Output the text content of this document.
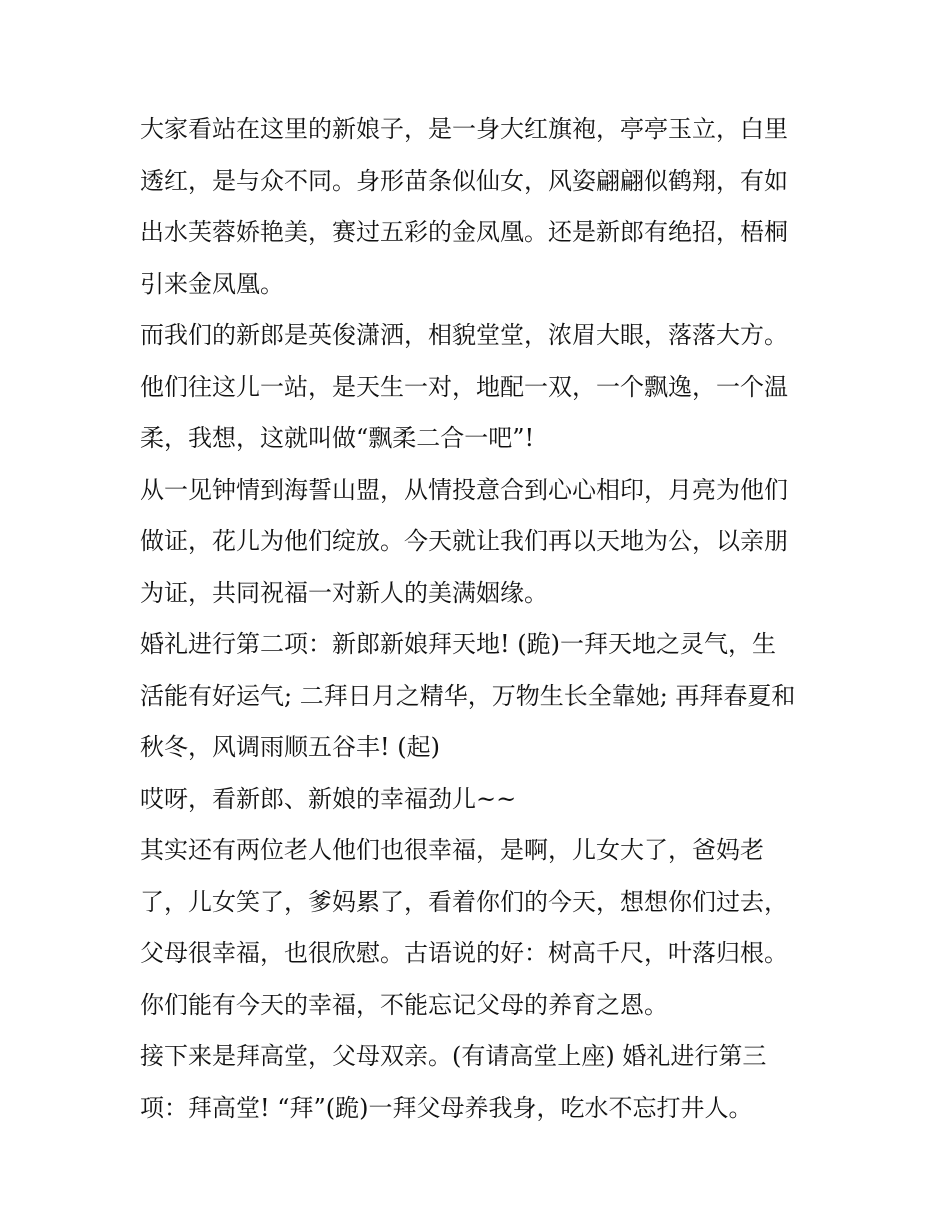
大家看站在这里的新娘子，是一身大红旗袍，亭亭玉立，白里
透红，是与众不同。身形苗条似仙女，风姿翩翩似鹤翔，有如
出水芙蓉娇艳美，赛过五彩的金凤凰。还是新郎有绝招，梧桐
引来金凤凰。

而我们的新郎是英俊潇洒，相貌堂堂，浓眉大眼，落落大方。
他们往这儿一站，是天生一对，地配一双，一个飘逸，一个温
柔，我想，这就叫做“飘柔二合一吧”!

从一见钟情到海誓山盟，从情投意合到心心相印，月亮为他们
做证，花儿为他们绽放。今天就让我们再以天地为公，以亲朋
为证，共同祝福一对新人的美满姻缘。

婚礼进行第二项：新郎新娘拜天地! (跪)一拜天地之灵气，生
活能有好运气; 二拜日月之精华，万物生长全靠她; 再拜春夏和
秋冬，风调雨顺五谷丰! (起)

哎呀，看新郎、新娘的幸福劲儿~~

其实还有两位老人他们也很幸福，是啊，儿女大了，爸妈老
了，儿女笑了，爹妈累了，看着你们的今天，想想你们过去，
父母很幸福，也很欣慰。古语说的好：树高千尺，叶落归根。
你们能有今天的幸福，不能忘记父母的养育之恩。

接下来是拜高堂，父母双亲。(有请高堂上座) 婚礼进行第三
项：拜高堂! “拜”(跪)一拜父母养我身，吃水不忘打井人。
